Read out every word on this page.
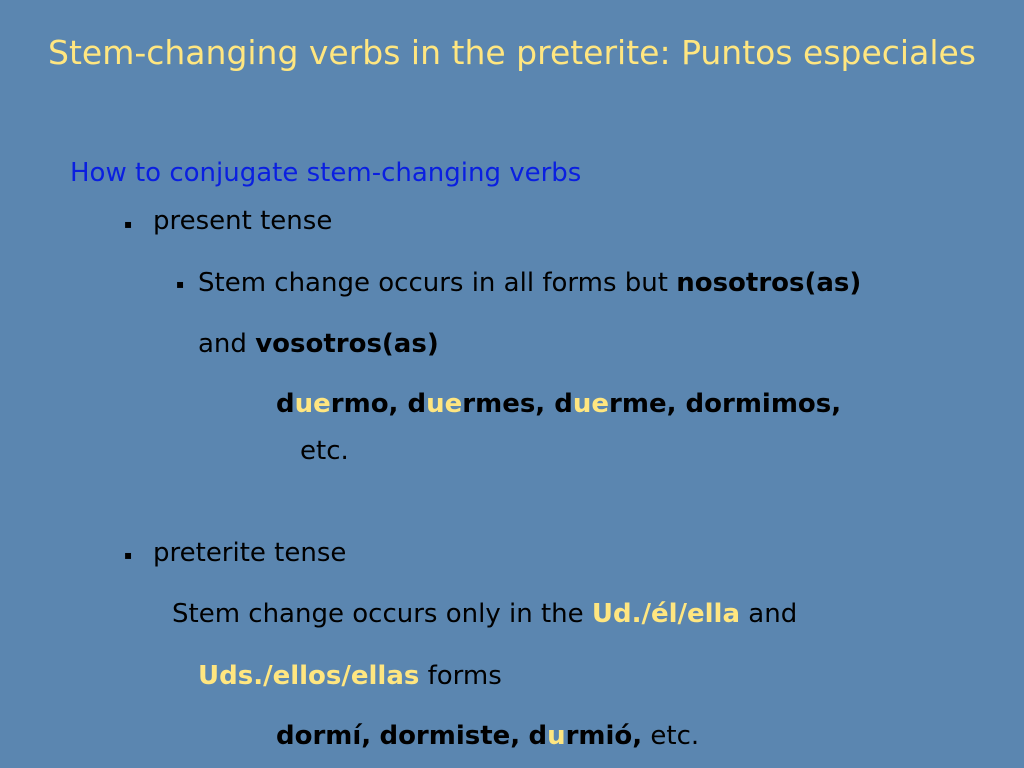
Stem-changing verbs in the preterite: Puntos especiales
How to conjugate stem-changing verbs
▪ present tense
▪ Stem change occurs in all forms but nosotros(as)
and vosotros(as)
duermo, duermes, duerme, dormimos,
etc.
▪ preterite tense
Stem change occurs only in the Ud./él/ella and
Uds./ellos/ellas forms
dormí, dormiste, durmió, etc.
